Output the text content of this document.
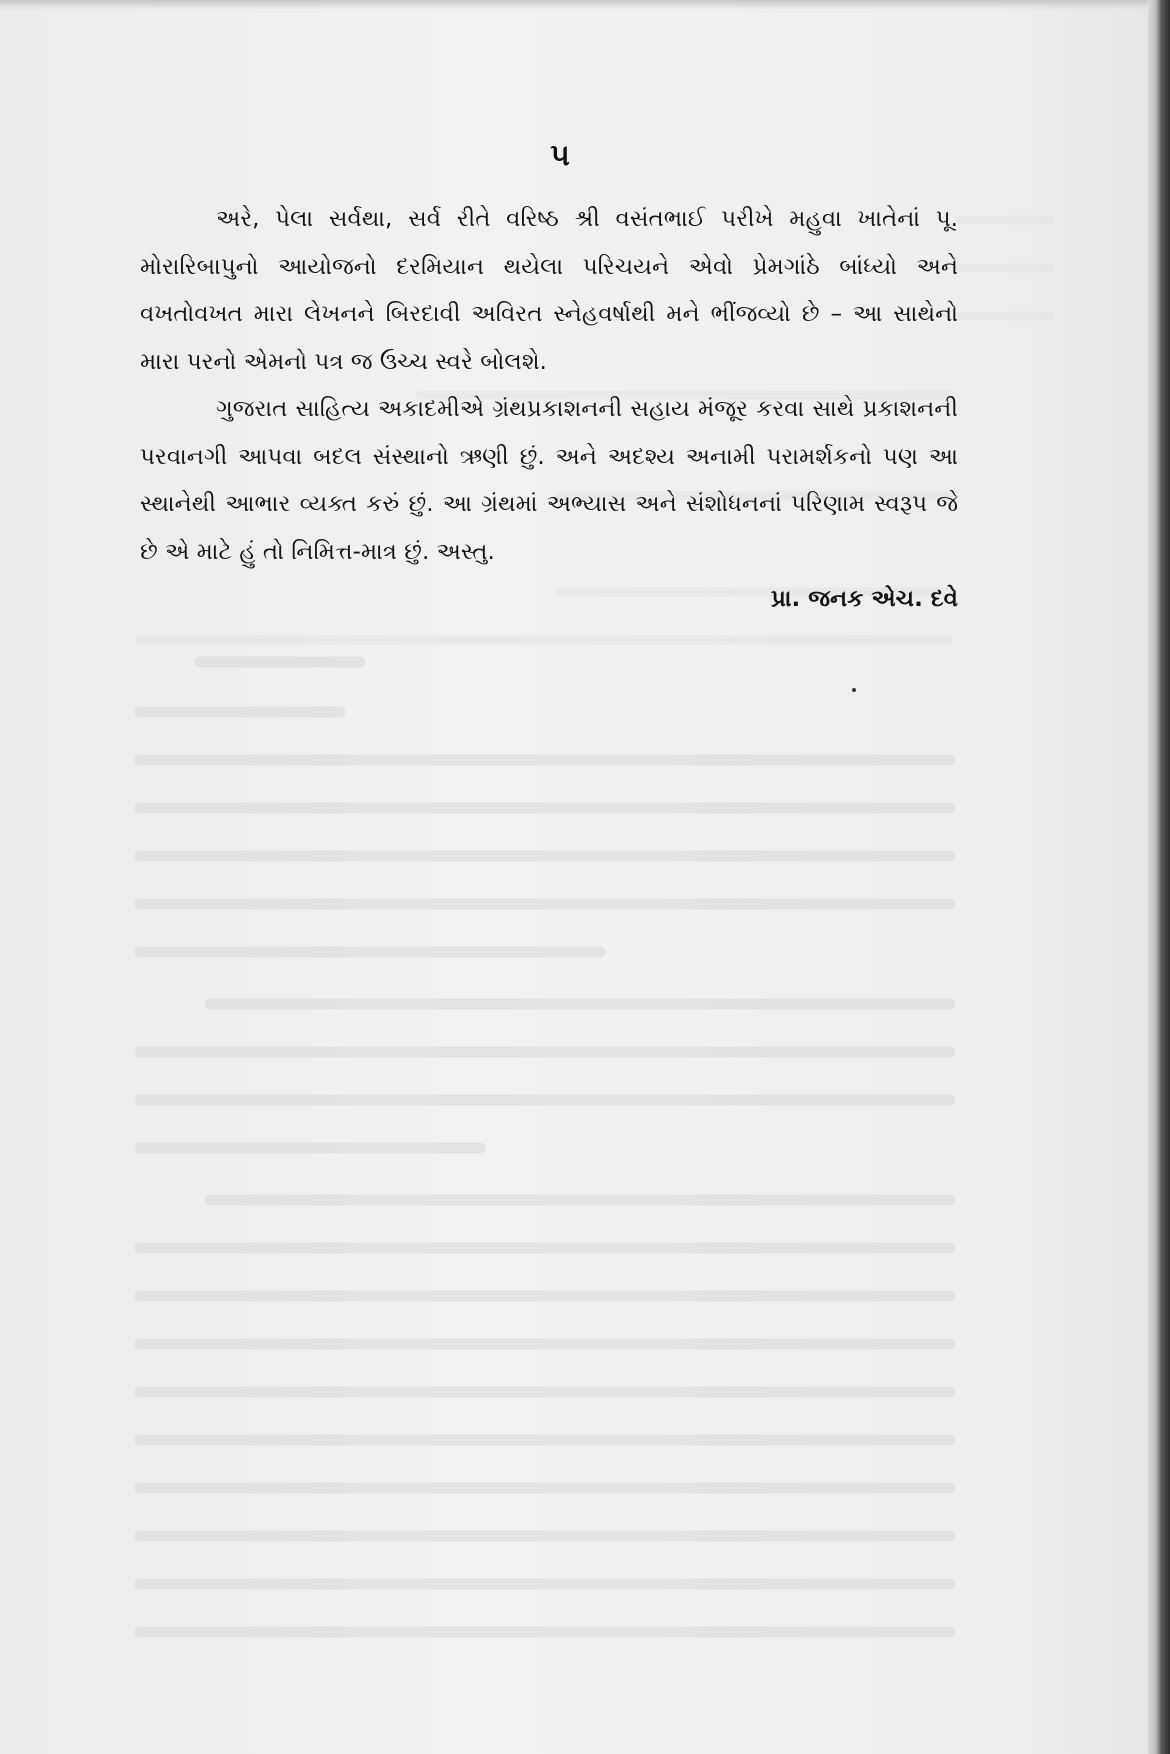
૫

અરે, પેલા સર્વથા, સર્વ રીતે વરિષ્ઠ શ્રી વસંતભાઈ પરીખે મહુવા ખાતેનાં પૂ. મોરારિબાપુનો આયોજનો દરમિયાન થયેલા પરિચયને એવો પ્રેમગાંઠે બાંધ્યો અને વખતોવખત મારા લેખનને બિરદાવી અવિરત સ્નેહવર્ષાથી મને ભીંજવ્યો છે – આ સાથેનો મારા પરનો એમનો પત્ર જ ઉચ્ચ સ્વરે બોલશે.

ગુજરાત સાહિત્ય અકાદમીએ ગ્રંથપ્રકાશનની સહાય મંજૂર કરવા સાથે પ્રકાશનની પરવાનગી આપવા બદલ સંસ્થાનો ઋણી છું. અને અદશ્ય અનામી પરામર્શકનો પણ આ સ્થાનેથી આભાર વ્યક્ત કરું છું. આ ગ્રંથમાં અભ્યાસ અને સંશોધનનાં પરિણામ સ્વરૂપ જે છે એ માટે હું તો નિમિત્ત-માત્ર છું. અસ્તુ.

પ્રા. જનક એચ. દવે
